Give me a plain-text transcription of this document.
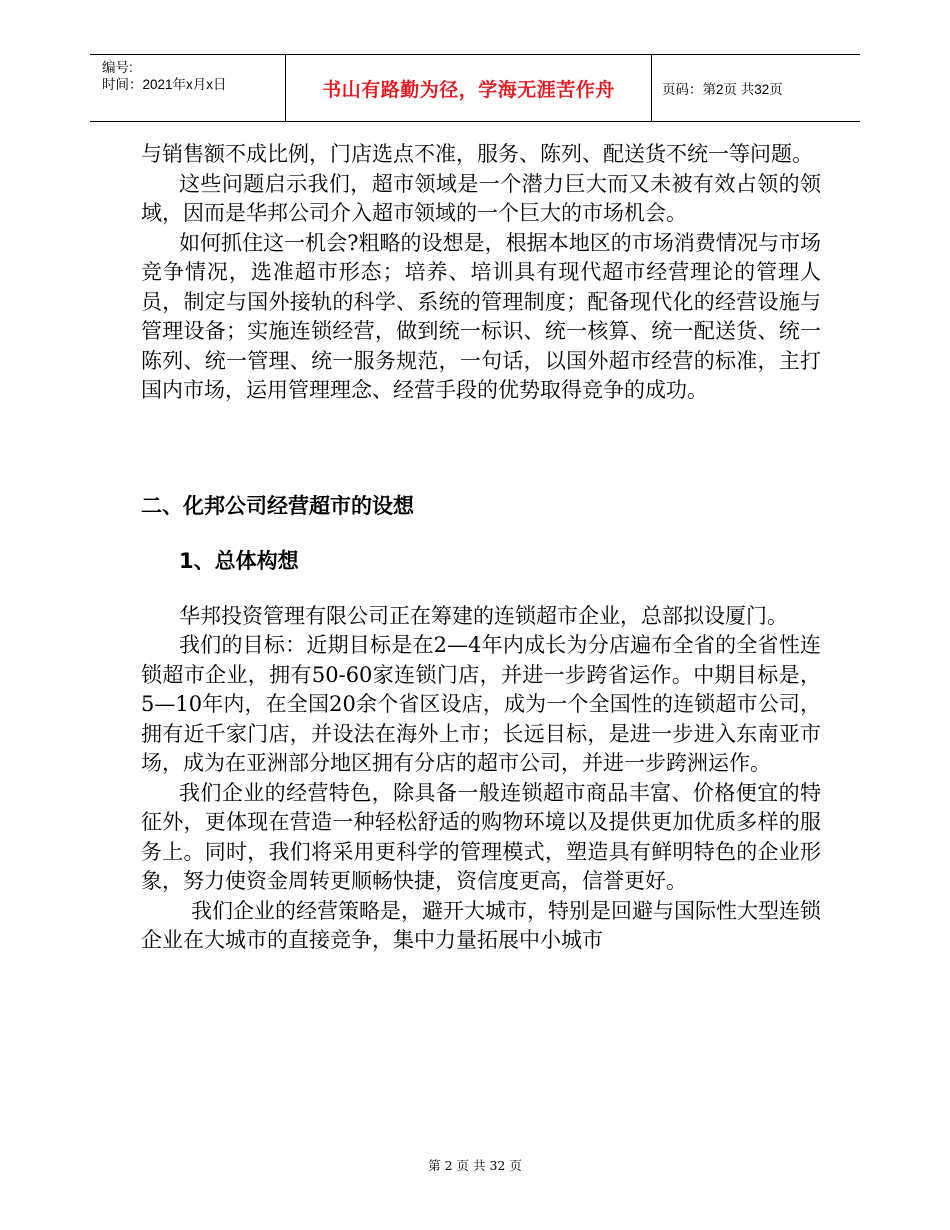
编号:
时间：2021年x月x日	书山有路勤为径，学海无涯苦作舟	页码：第2页 共32页

与销售额不成比例，门店选点不准，服务、陈列、配送货不统一等问题。

这些问题启示我们，超市领域是一个潜力巨大而又未被有效占领的领域，因而是华邦公司介入超市领域的一个巨大的市场机会。

如何抓住这一机会?粗略的设想是，根据本地区的市场消费情况与市场竞争情况，选准超市形态；培养、培训具有现代超市经营理论的管理人员，制定与国外接轨的科学、系统的管理制度；配备现代化的经营设施与管理设备；实施连锁经营，做到统一标识、统一核算、统一配送货、统一陈列、统一管理、统一服务规范，一句话，以国外超市经营的标准，主打国内市场，运用管理理念、经营手段的优势取得竞争的成功。

二、化邦公司经营超市的设想
1、总体构想

华邦投资管理有限公司正在筹建的连锁超市企业，总部拟设厦门。

我们的目标：近期目标是在2—4年内成长为分店遍布全省的全省性连锁超市企业，拥有50-60家连锁门店，并进一步跨省运作。中期目标是，5—10年内，在全国20余个省区设店，成为一个全国性的连锁超市公司，拥有近千家门店，并设法在海外上市；长远目标，是进一步进入东南亚市场，成为在亚洲部分地区拥有分店的超市公司，并进一步跨洲运作。

我们企业的经营特色，除具备一般连锁超市商品丰富、价格便宜的特征外，更体现在营造一种轻松舒适的购物环境以及提供更加优质多样的服务上。同时，我们将采用更科学的管理模式，塑造具有鲜明特色的企业形象，努力使资金周转更顺畅快捷，资信度更高，信誉更好。

我们企业的经营策略是，避开大城市，特别是回避与国际性大型连锁企业在大城市的直接竞争，集中力量拓展中小城市

第 2 页 共 32 页
